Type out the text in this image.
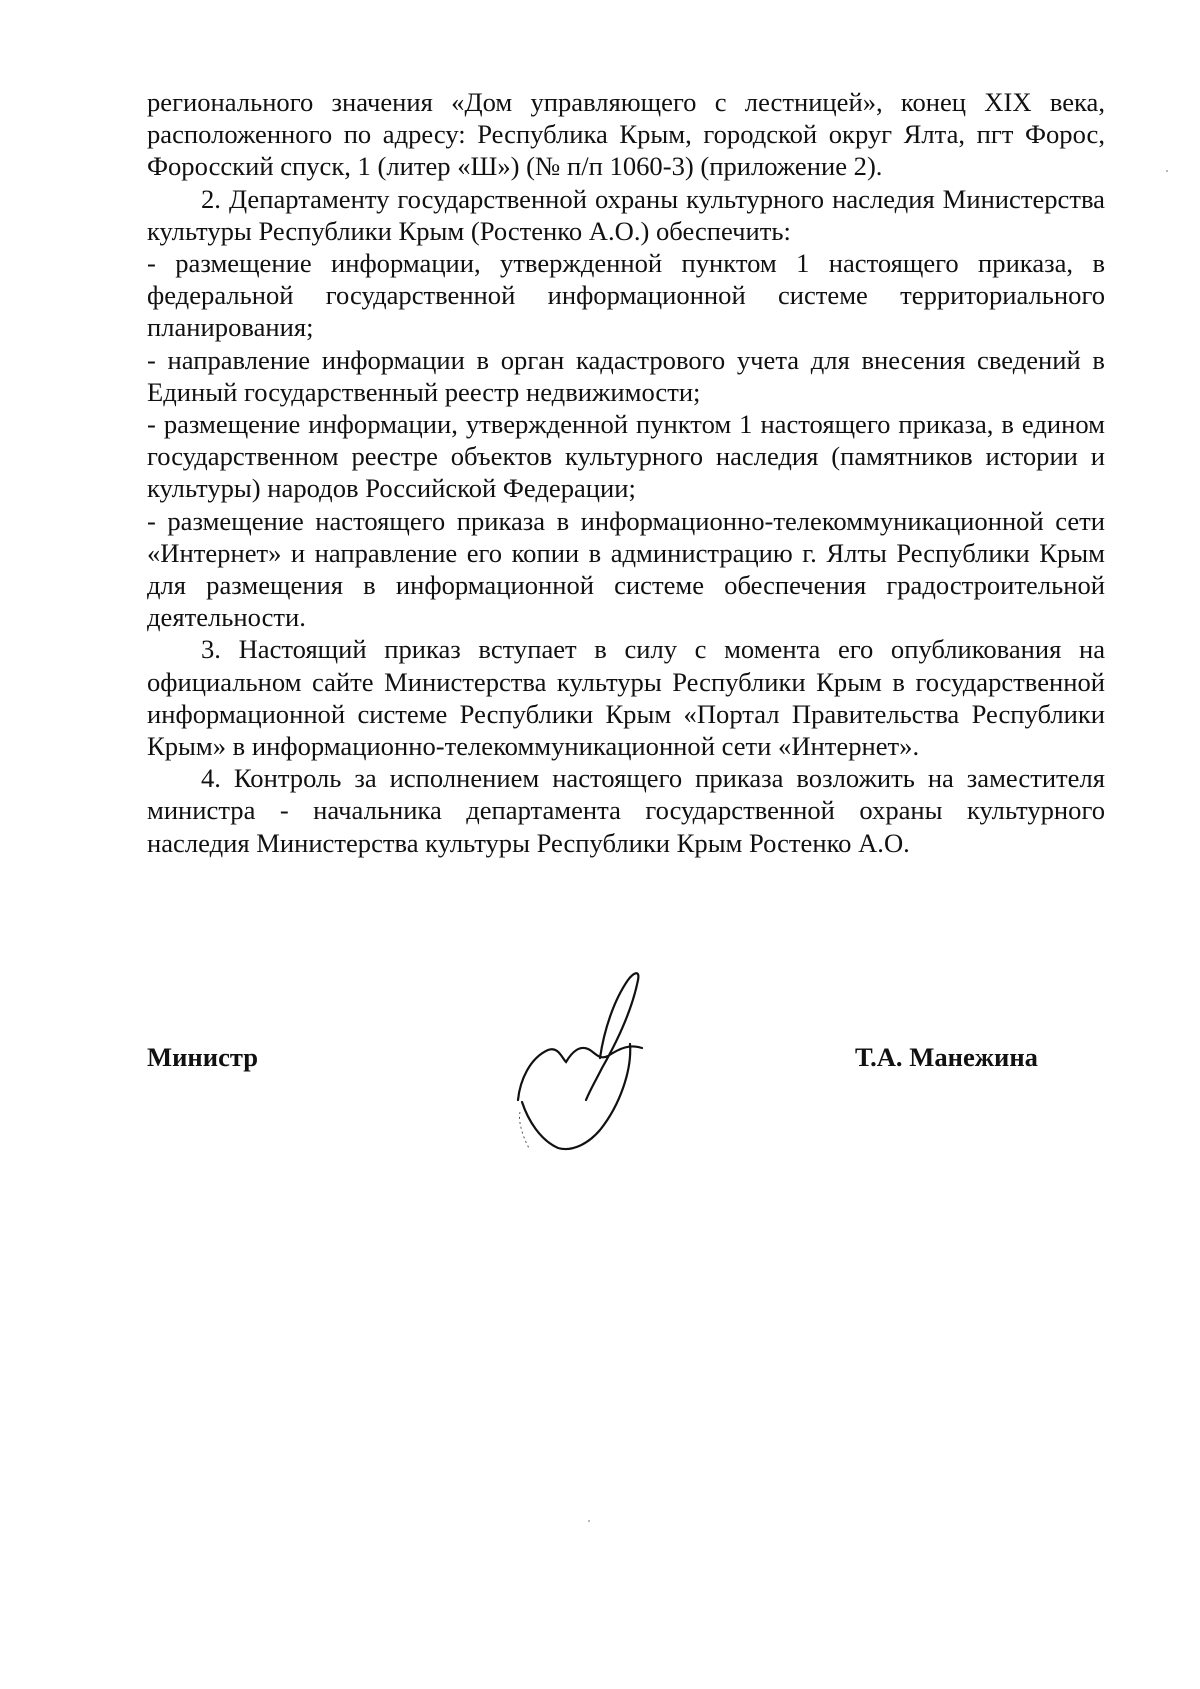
регионального значения «Дом управляющего с лестницей», конец XIX века, расположенного по адресу: Республика Крым, городской округ Ялта, пгт Форос, Форосский спуск, 1 (литер «Ш») (№ п/п 1060-3) (приложение 2).

2. Департаменту государственной охраны культурного наследия Министерства культуры Республики Крым (Ростенко А.О.) обеспечить:

- размещение информации, утвержденной пунктом 1 настоящего приказа, в федеральной государственной информационной системе территориального планирования;

- направление информации в орган кадастрового учета для внесения сведений в Единый государственный реестр недвижимости;

- размещение информации, утвержденной пунктом 1 настоящего приказа, в едином государственном реестре объектов культурного наследия (памятников истории и культуры) народов Российской Федерации;

- размещение настоящего приказа в информационно-телекоммуникационной сети «Интернет» и направление его копии в администрацию г. Ялты Республики Крым для размещения в информационной системе обеспечения градостроительной деятельности.

3. Настоящий приказ вступает в силу с момента его опубликования на официальном сайте Министерства культуры Республики Крым в государственной информационной системе Республики Крым «Портал Правительства Республики Крым» в информационно-телекоммуникационной сети «Интернет».

4. Контроль за исполнением настоящего приказа возложить на заместителя министра - начальника департамента государственной охраны культурного наследия Министерства культуры Республики Крым Ростенко А.О.

Министр	Т.А. Манежина
